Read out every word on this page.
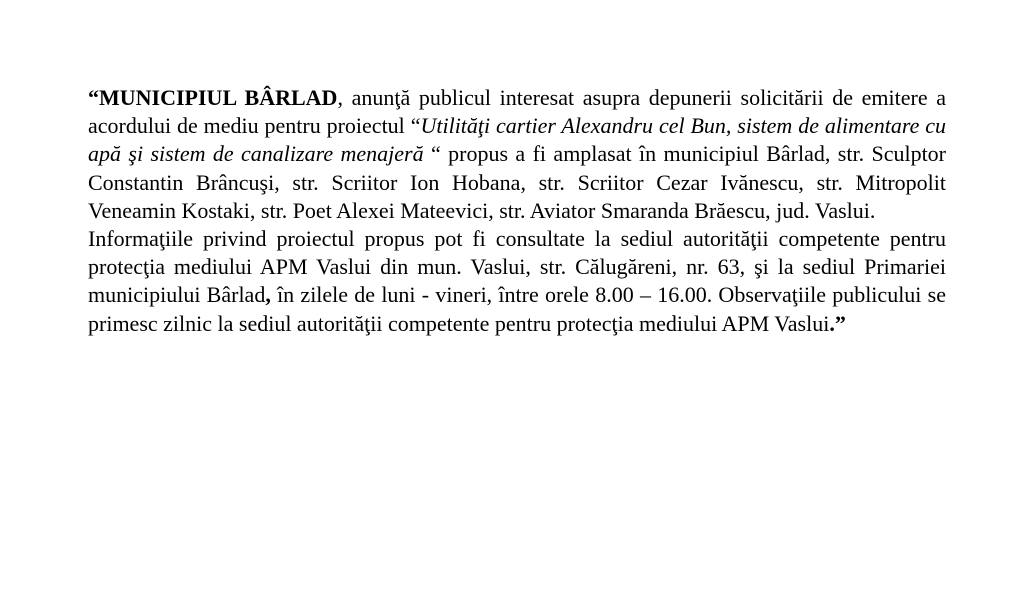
“MUNICIPIUL BÂRLAD, anunţă publicul interesat asupra depunerii solicitării de emitere a acordului de mediu pentru proiectul “Utilităţi cartier Alexandru cel Bun, sistem de alimentare cu apă şi sistem de canalizare menajeră “ propus a fi amplasat în municipiul Bârlad, str. Sculptor Constantin Brâncuşi, str. Scriitor Ion Hobana, str. Scriitor Cezar Ivănescu, str. Mitropolit Veneamin Kostaki, str. Poet Alexei Mateevici, str. Aviator Smaranda Brăescu, jud. Vaslui.

Informaţiile privind proiectul propus pot fi consultate la sediul autorităţii competente pentru protecţia mediului APM Vaslui din mun. Vaslui, str. Călugăreni, nr. 63, şi la sediul Primariei municipiului Bârlad, în zilele de luni - vineri, între orele 8.00 – 16.00. Observaţiile publicului se primesc zilnic la sediul autorităţii competente pentru protecţia mediului APM Vaslui.”
